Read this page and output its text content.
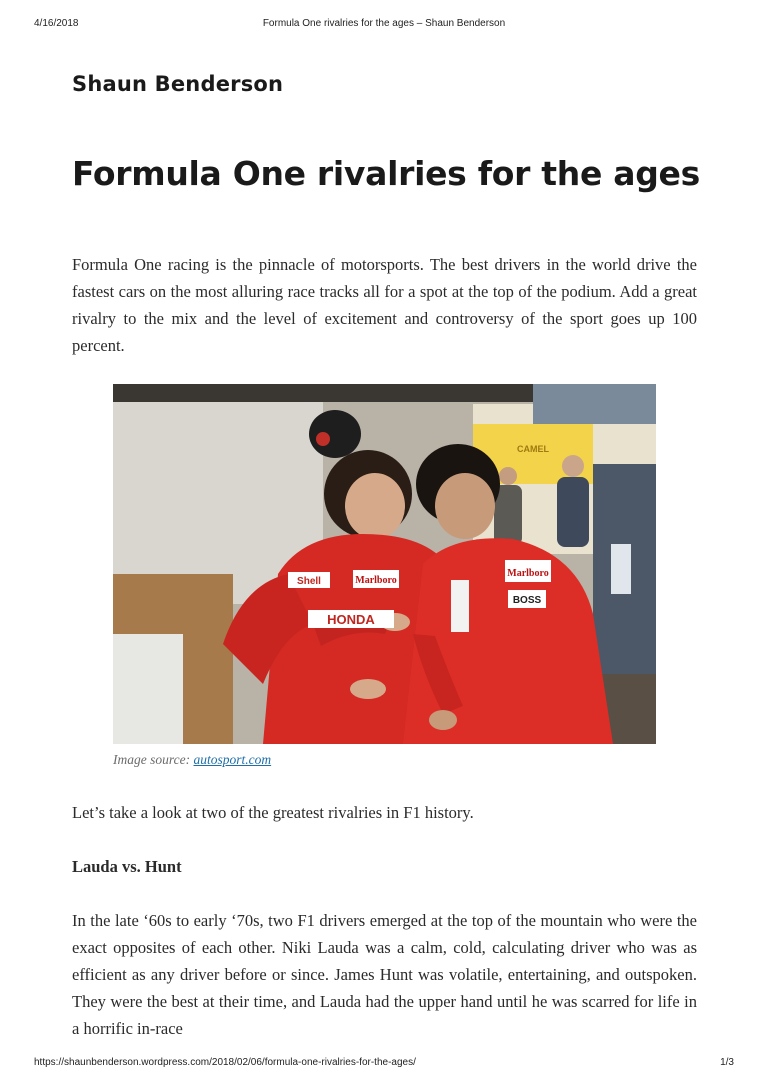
4/16/2018	Formula One rivalries for the ages – Shaun Benderson
Shaun Benderson
Formula One rivalries for the ages

Formula One racing is the pinnacle of motorsports. The best drivers in the world drive the fastest cars on the most alluring race tracks all for a spot at the top of the podium. Add a great rivalry to the mix and the level of excitement and controversy of the sport goes up 100 percent.

Shell	Marlboro
HONDA
Marlboro
BOSS
CAMEL
Image source: autosport.com

Let’s take a look at two of the greatest rivalries in F1 history.

Lauda vs. Hunt

In the late ‘60s to early ‘70s, two F1 drivers emerged at the top of the mountain who were the exact opposites of each other. Niki Lauda was a calm, cold, calculating driver who was as efficient as any driver before or since. James Hunt was volatile, entertaining, and outspoken. They were the best at their time, and Lauda had the upper hand until he was scarred for life in a horrific in-race

https://shaunbenderson.wordpress.com/2018/02/06/formula-one-rivalries-for-the-ages/	1/3
